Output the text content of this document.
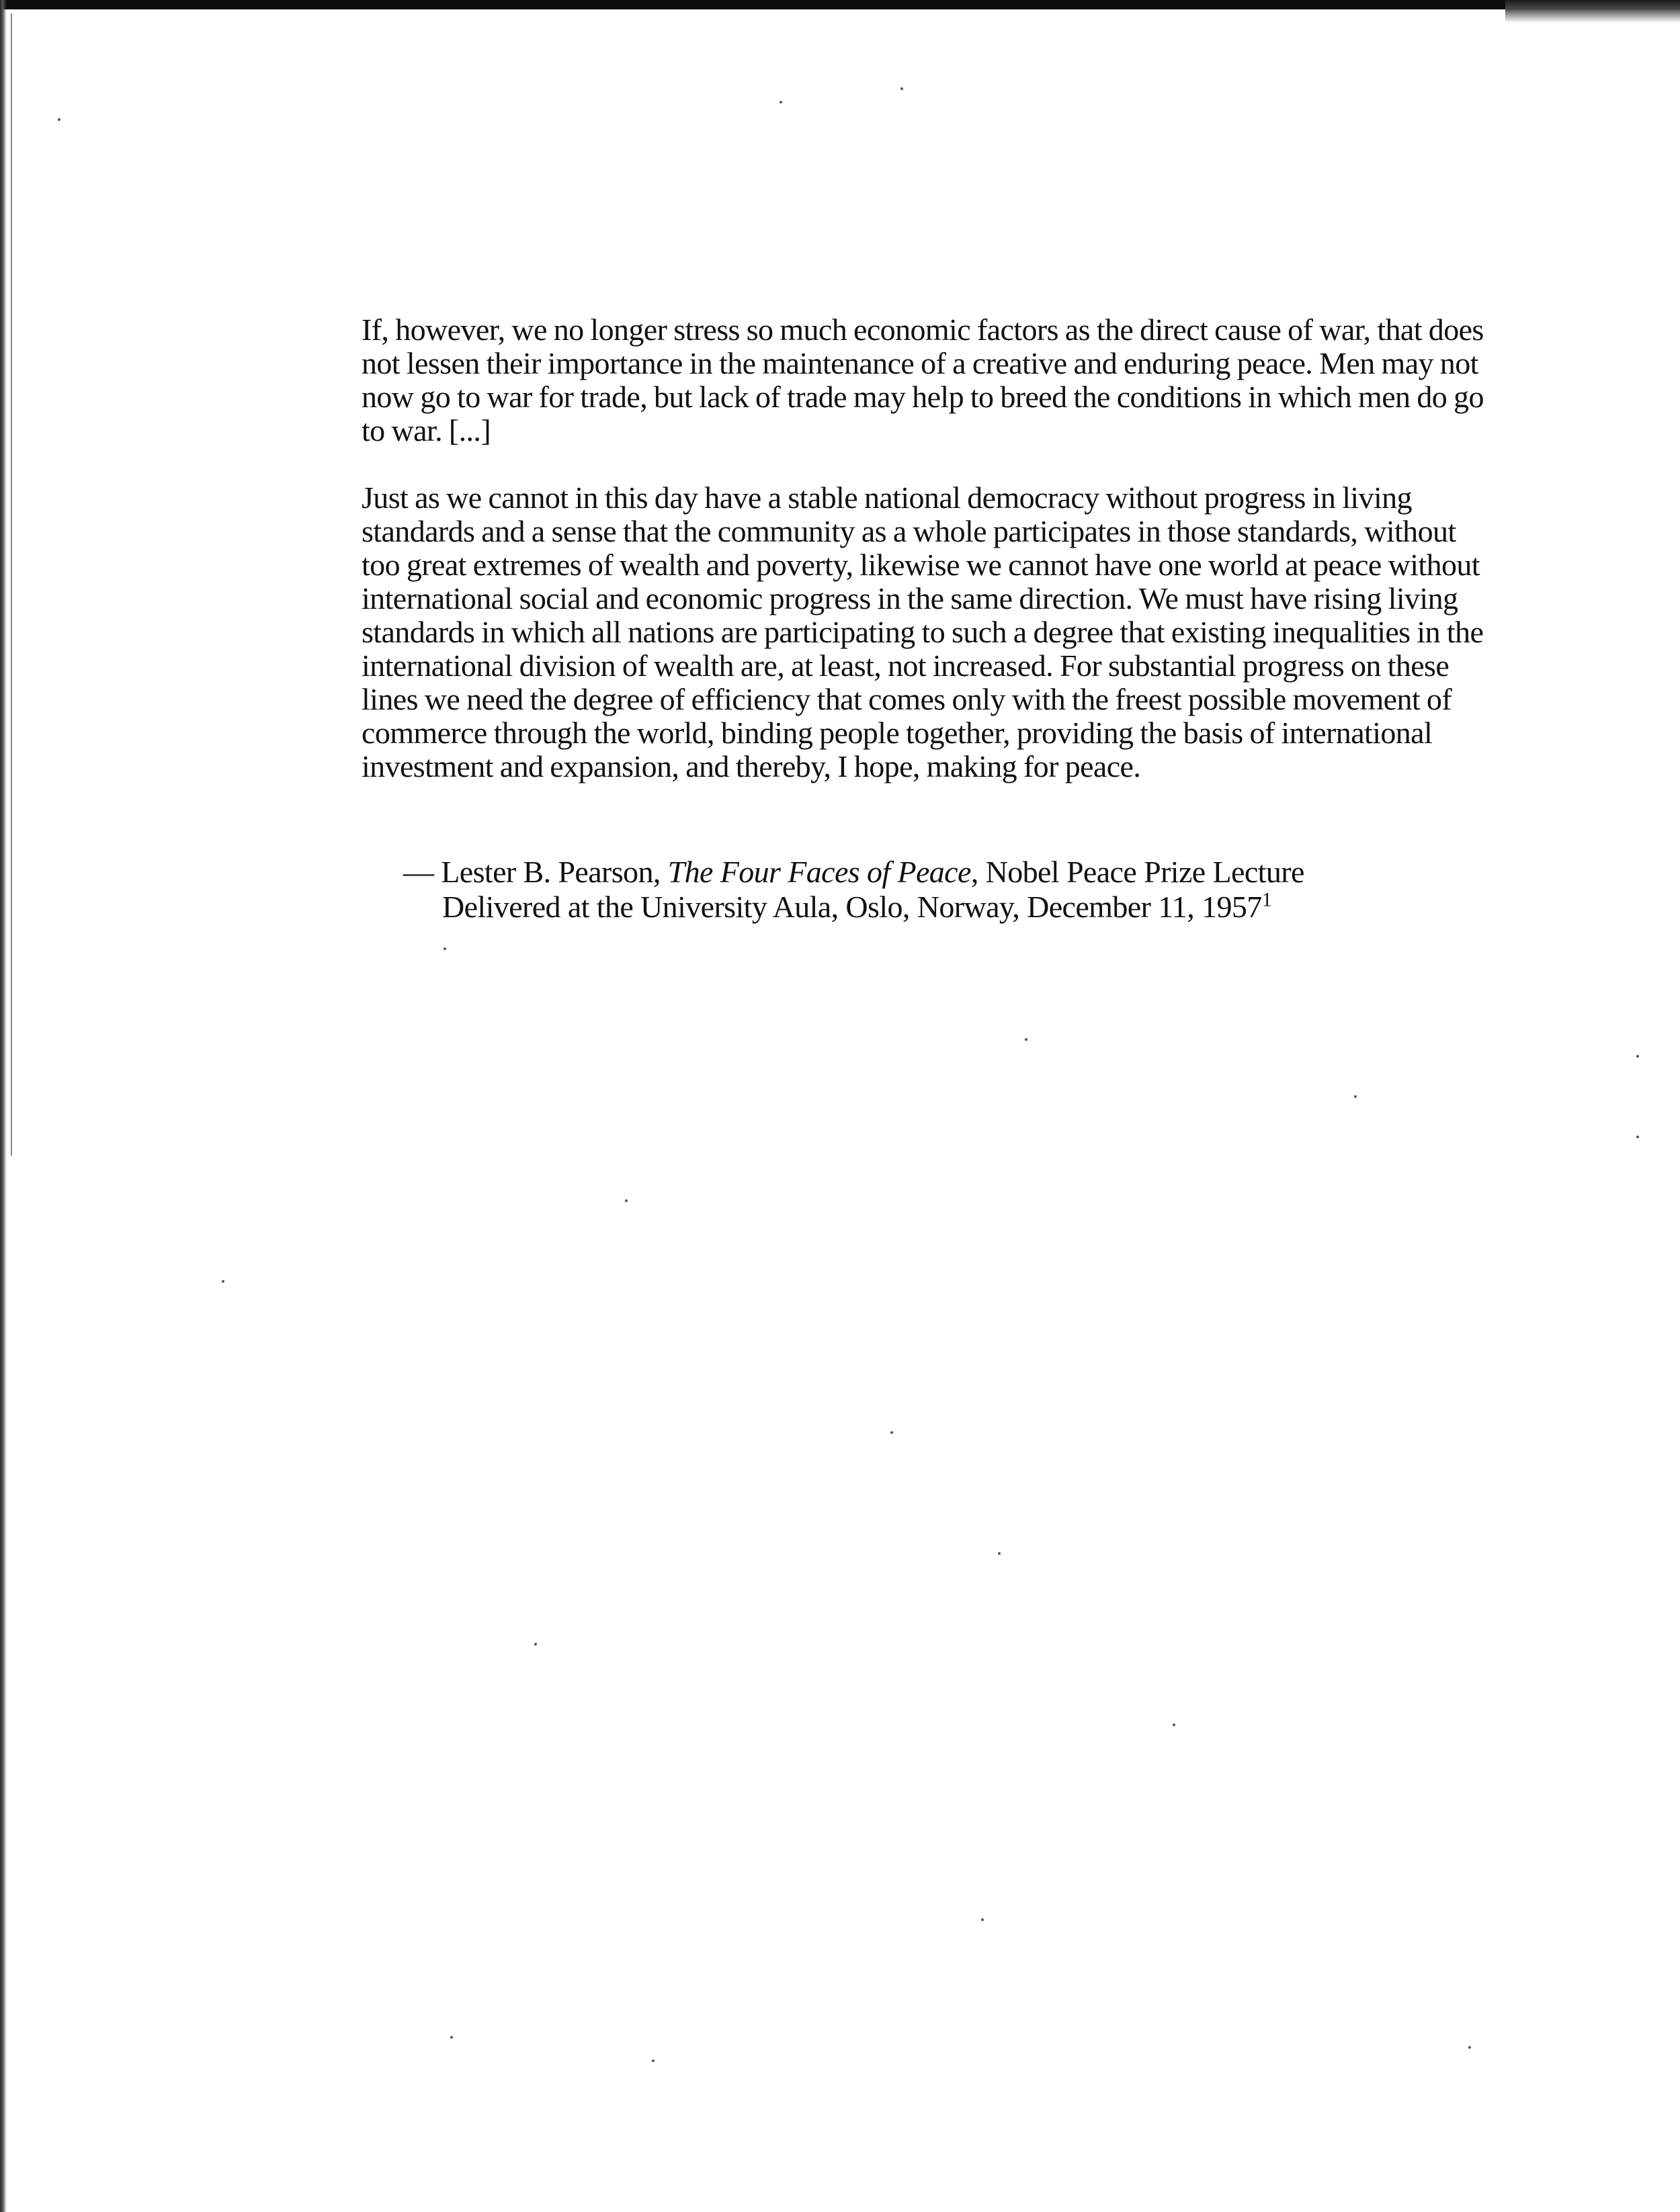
If, however, we no longer stress so much economic factors as the direct cause of war, that does not lessen their importance in the maintenance of a creative and enduring peace. Men may not now go to war for trade, but lack of trade may help to breed the conditions in which men do go to war. [...]

Just as we cannot in this day have a stable national democracy without progress in living standards and a sense that the community as a whole participates in those standards, without too great extremes of wealth and poverty, likewise we cannot have one world at peace without international social and economic progress in the same direction. We must have rising living standards in which all nations are participating to such a degree that existing inequalities in the international division of wealth are, at least, not increased. For substantial progress on these lines we need the degree of efficiency that comes only with the freest possible movement of commerce through the world, binding people together, providing the basis of international investment and expansion, and thereby, I hope, making for peace.

— Lester B. Pearson, The Four Faces of Peace, Nobel Peace Prize Lecture
Delivered at the University Aula, Oslo, Norway, December 11, 1957$^1$
